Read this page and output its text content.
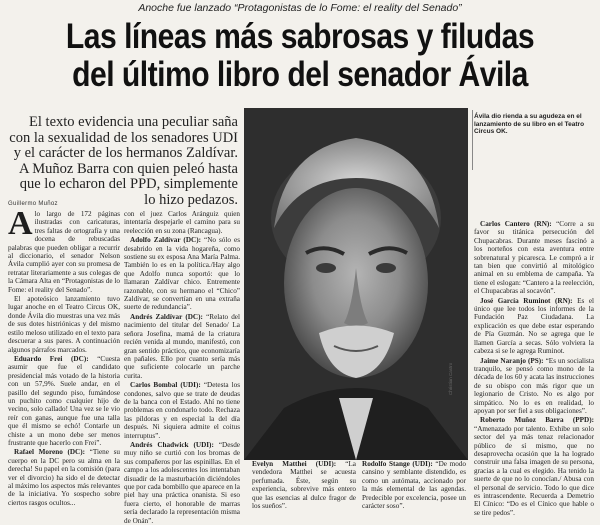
Anoche fue lanzado “Protagonistas de lo Fome: el reality del Senado”
Las líneas más sabrosas y filudas
del último libro del senador Ávila
El texto evidencia una peculiar saña con la sexualidad de los senadores UDI y el carácter de los hermanos Zaldívar. A Muñoz Barra con quien peleó hasta que lo echaron del PPD, simplemente lo hizo pedazos.
Guillermo Muñoz

Alo largo de 172 páginas ilustradas con caricaturas, tres faltas de ortografía y una docena de rebuscadas palabras que pueden obligar a recurrir al diccionario, el senador Nelson Ávila cumplió ayer con su promesa de retratar literariamente a sus colegas de la Cámara Alta en “Protagonistas de lo Fome: el reality del Senado”.

El apoteósico lanzamiento tuvo lugar anoche en el Teatro Circus OK, donde Ávila dio muestras una vez más de sus dotes histriónicas y del mismo estilo meloso utilizado en el texto para descuerar a sus pares. A continuación algunos párrafos marcados.

Eduardo Frei (DC): “Cuesta asumir que fue el candidato presidencial más votado de la historia con un 57,9%. Suele andar, en el pasillo del segundo piso, fumándose un puchito como cualquier hijo de vecino, solo callado! Una vez se le vio reír con ganas, aunque fue una talla que él mismo se echó! Contarle un chiste a un mono debe ser menos frustrante que hacerlo con Frei”.

Rafael Moreno (DC): “Tiene su cuerpo en la DC pero su alma en la derecha! Su papel en la comisión (para ver el divorcio) ha sido el de detectar al máximo los aspectos más relevantes de la iniciativa. Yo sospecho sobre ciertos rasgos ocultos...

con el juez Carlos Aránguiz quien intentaría despejarle el camino para su reelección en su zona (Rancagua).

Adolfo Zaldívar (DC): “No sólo es desabrido en la vida hogareña, como sostiene su ex esposa Ana María Palma. También lo es en la política./Hay algo que Adolfo nunca soportó: que lo llamaran Zaldívar chico. Entremente razonable, con su hermano el “Chico” Zaldívar, se convertían en una extraña suerte de redundancia”.

Andrés Zaldívar (DC): “Relato del nacimiento del titular del Senado/ La señora Josefina, mamá de la criatura recién venida al mundo, manifestó, con gran sentido práctico, que economizaría en pañales. Ello por cuanto sería más que suficiente colocarle un parche curita.

Carlos Bombal (UDI): “Detesta los condones, salvo que se trate de deudas de la banca con el Estado. Ahí no tiene problemas en condonarlo todo. Rechaza las píldoras y en especial la del día después. Ni siquiera admite el coitus interruptus”.

Andrés Chadwick (UDI): “Desde muy niño se curtió con los bromas de sus compañeros por las espinillas. En el campo a los adolescentes los intentaban disuadir de la masturbación diciéndoles que por cada bombillo que aparece en la piel hay una práctica onanista. Si eso fuera cierto, el honorable de marras sería declarado la representación misma de Onán”.

Christian Castro
Ávila dio rienda a su agudeza en el lanzamiento de su libro en el Teatro Circus OK.

Evelyn Matthei (UDI): “La vendedora Matthei se acuesta perfumada. Éste, según su experiencia, sobrevive más entero que las esencias al dulce fragor de los sueños”.

Rodolfo Stange (UDI): “De modo cansino y semblante distendido, es como un autómata, accionado por la más elemental de las agendas. Predecible por excelencia, posee un carácter soso”.

Carlos Cantero (RN): “Corre a su favor su titánica persecución del Chupacabras. Durante meses fascinó a los norteños con esta aventura entre sobrenatural y picaresca. Le compró a ir tan bien que convirtió al mitológico animal en su emblema de campaña. Ya tiene el eslogan: “Cantero a la reelección, el Chupacabras al socavón”.

José García Ruminot (RN): Es el único que lee todos los informes de la Fundación Paz Ciudadana. La explicación es que debe estar esperando de Pía Guzmán. No se agrega que le llamen García a secas. Sólo volviera la cabeza si se le agrega Ruminot.

Jaime Naranjo (PS): “Es un socialista tranquilo, se pensó como mono de la década de los 60 y acata las instrucciones de su obispo con más rigor que un legionario de Cristo. No es algo por simpático. No lo es en realidad, lo apoyan por ser fiel a sus obligaciones”.

Roberto Muñoz Barra (PPD): “Amenazado por talento. Exhibe un solo sector del ya más tenaz relacionador público de sí mismo, que no desaprovecha ocasión que la ha logrado construir una falsa imagen de su persona, gracias a la cual es elegido. Ha tenido la suerte de que no lo conocían./ Abusa con el personal de servicio. Todo lo que dice es intrascendente. Recuerda a Demetrio El Cínico: “Do es el Cínico que hable o se tire pedos”.
